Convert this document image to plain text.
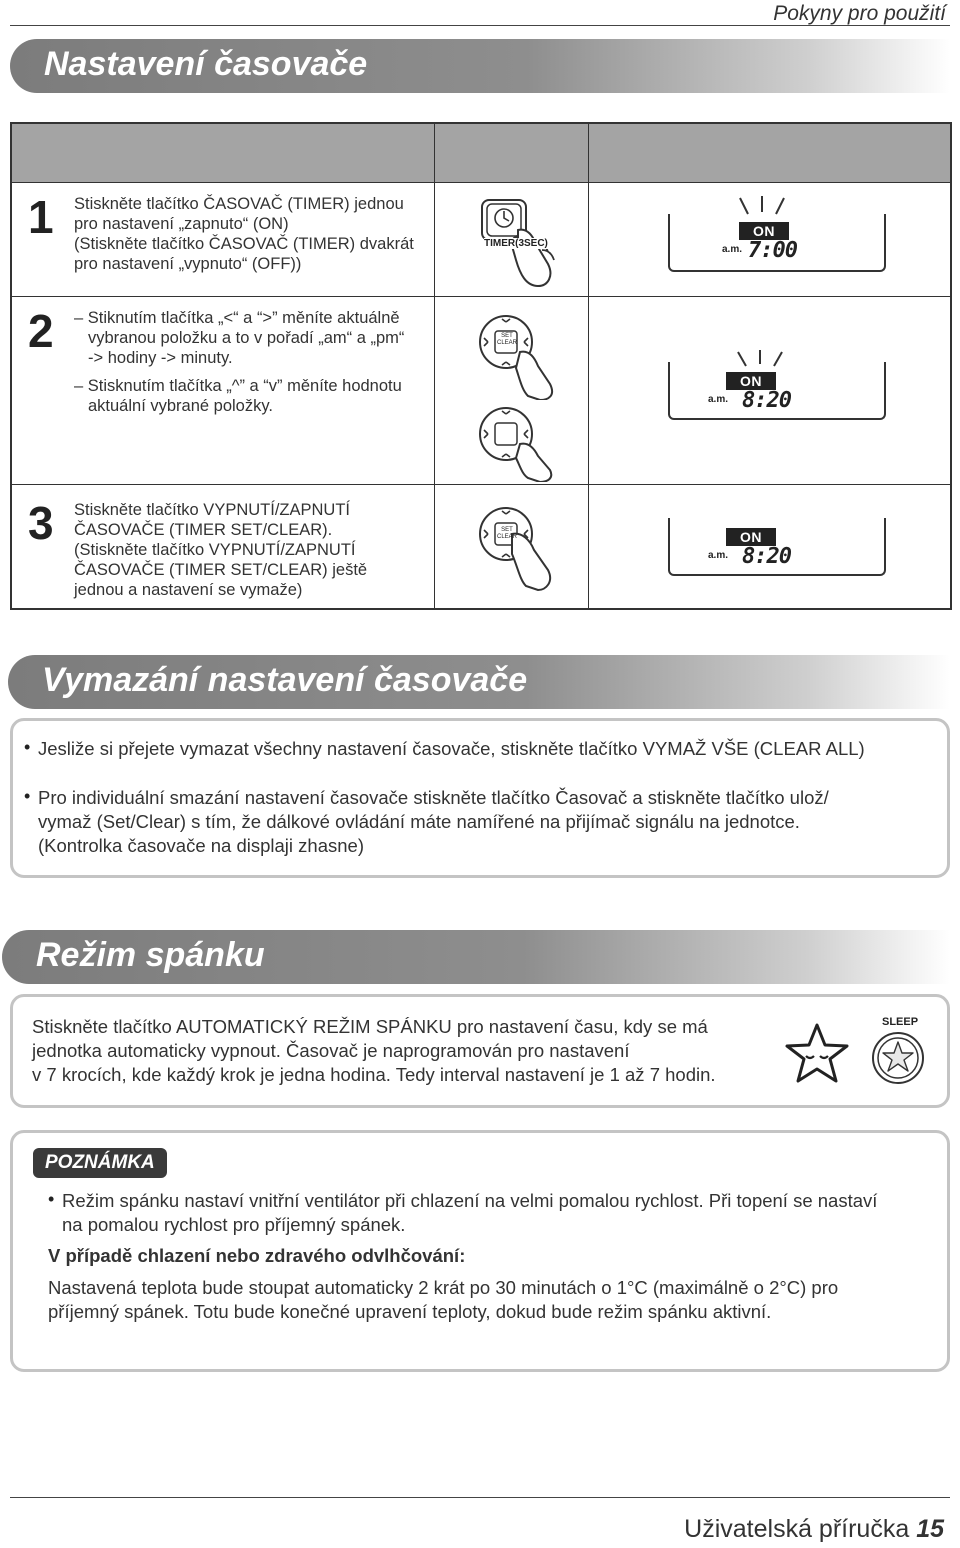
Pokyny pro použití
Nastavení časovače
1 Stiskněte tlačítko ČASOVAČ (TIMER) jednou
pro nastavení „zapnuto“ (ON)
(Stiskněte tlačítko ČASOVAČ (TIMER) dvakrát
pro nastavení „vypnuto“ (OFF))
TIMER(3SEC)
ON
a.m. 7:00
2 – Stiknutím tlačítka „<“ a “>” měníte aktuálně
vybranou položku a to v pořadí „am“ a „pm“
-> hodiny -> minuty.
– Stisknutím tlačítka „^” a “v” měníte hodnotu
aktuální vybrané položky.
SET CLEAR
ON
a.m. 8:20
3 Stiskněte tlačítko VYPNUTÍ/ZAPNUTÍ
ČASOVAČE (TIMER SET/CLEAR).
(Stiskněte tlačítko VYPNUTÍ/ZAPNUTÍ
ČASOVAČE (TIMER SET/CLEAR) ještě
jednou a nastavení se vymaže)
SET CLEAR	ON
a.m. 8:20
Vymazání nastavení časovače
• Jesliže si přejete vymazat všechny nastavení časovače, stiskněte tlačítko VYMAŽ VŠE (CLEAR ALL)
• Pro individuální smazání nastavení časovače stiskněte tlačítko Časovač a stiskněte tlačítko ulož/
vymaž (Set/Clear) s tím, že dálkové ovládání máte namířené na přijímač signálu na jednotce.
(Kontrolka časovače na displaji zhasne)
Režim spánku
Stiskněte tlačítko AUTOMATICKÝ REŽIM SPÁNKU pro nastavení času, kdy se má
jednotka automaticky vypnout. Časovač je naprogramován pro nastavení
v 7 krocích, kde každý krok je jedna hodina. Tedy interval nastavení je 1 až 7 hodin.
SLEEP
POZNÁMKA
• Režim spánku nastaví vnitřní ventilátor při chlazení na velmi pomalou rychlost. Při topení se nastaví
na pomalou rychlost pro příjemný spánek.
V případě chlazení nebo zdravého odvlhčování:
Nastavená teplota bude stoupat automaticky 2 krát po 30 minutách o 1°C (maximálně o 2°C) pro
příjemný spánek. Totu bude konečné upravení teploty, dokud bude režim spánku aktivní.
Uživatelská příručka 15
